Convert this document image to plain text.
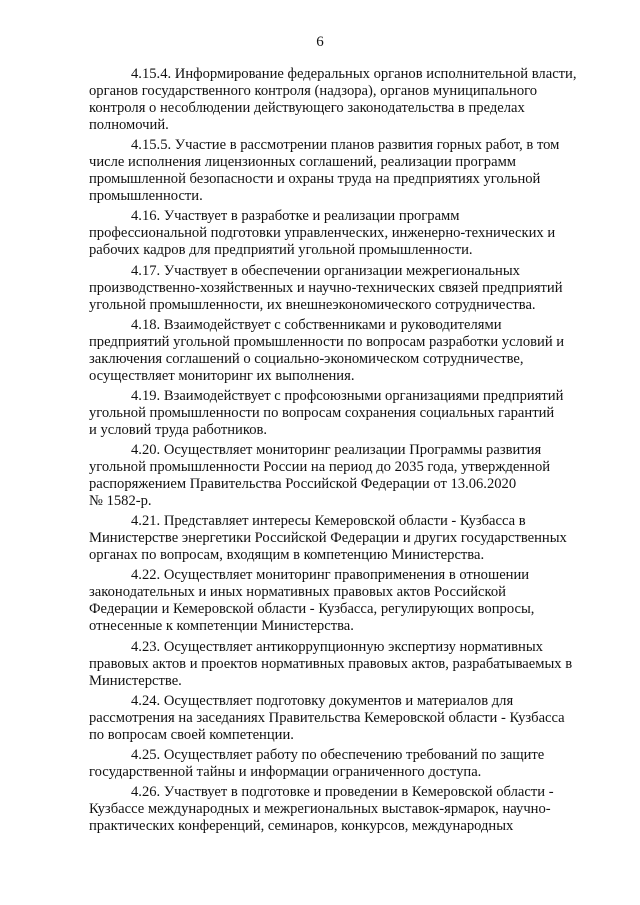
6

4.15.4. Информирование федеральных органов исполнительной власти,
органов государственного контроля (надзора), органов муниципального
контроля о несоблюдении действующего законодательства в пределах
полномочий.

4.15.5. Участие в рассмотрении планов развития горных работ, в том
числе исполнения лицензионных соглашений, реализации программ
промышленной безопасности и охраны труда на предприятиях угольной
промышленности.

4.16. Участвует в разработке и реализации программ
профессиональной подготовки управленческих, инженерно-технических и
рабочих кадров для предприятий угольной промышленности.

4.17. Участвует в обеспечении организации межрегиональных
производственно-хозяйственных и научно-технических связей предприятий
угольной промышленности, их внешнеэкономического сотрудничества.

4.18. Взаимодействует с собственниками и руководителями
предприятий угольной промышленности по вопросам разработки условий и
заключения соглашений о социально-экономическом сотрудничестве,
осуществляет мониторинг их выполнения.

4.19. Взаимодействует с профсоюзными организациями предприятий
угольной промышленности по вопросам сохранения социальных гарантий
и условий труда работников.

4.20. Осуществляет мониторинг реализации Программы развития
угольной промышленности России на период до 2035 года, утвержденной
распоряжением Правительства Российской Федерации от 13.06.2020
№ 1582-р.

4.21. Представляет интересы Кемеровской области - Кузбасса в
Министерстве энергетики Российской Федерации и других государственных
органах по вопросам, входящим в компетенцию Министерства.

4.22. Осуществляет мониторинг правоприменения в отношении
законодательных и иных нормативных правовых актов Российской
Федерации и Кемеровской области - Кузбасса, регулирующих вопросы,
отнесенные к компетенции Министерства.

4.23. Осуществляет антикоррупционную экспертизу нормативных
правовых актов и проектов нормативных правовых актов, разрабатываемых в
Министерстве.

4.24. Осуществляет подготовку документов и материалов для
рассмотрения на заседаниях Правительства Кемеровской области - Кузбасса
по вопросам своей компетенции.

4.25. Осуществляет работу по обеспечению требований по защите
государственной тайны и информации ограниченного доступа.

4.26. Участвует в подготовке и проведении в Кемеровской области -
Кузбассе международных и межрегиональных выставок-ярмарок, научно-
практических конференций, семинаров, конкурсов, международных
